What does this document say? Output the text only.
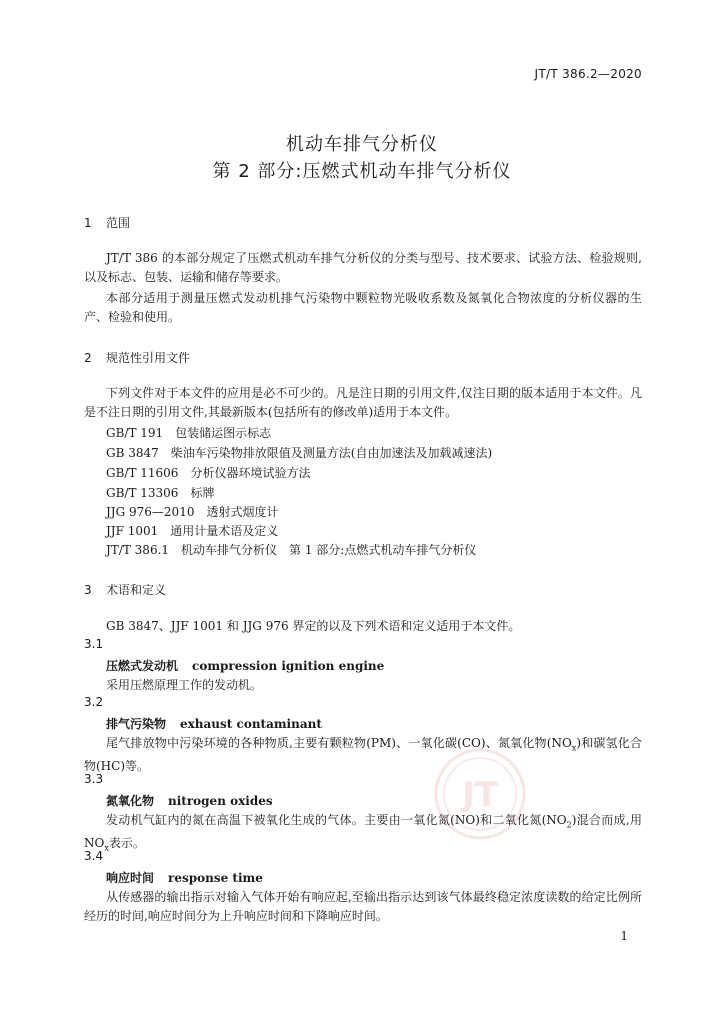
JT/T 386.2—2020
机动车排气分析仪
第 2 部分:压燃式机动车排气分析仪
1 范围
JT/T 386 的本部分规定了压燃式机动车排气分析仪的分类与型号、技术要求、试验方法、检验规则,以及标志、包装、运输和储存等要求。
本部分适用于测量压燃式发动机排气污染物中颗粒物光吸收系数及氮氧化合物浓度的分析仪器的生产、检验和使用。
2 规范性引用文件
下列文件对于本文件的应用是必不可少的。凡是注日期的引用文件,仅注日期的版本适用于本文件。凡是不注日期的引用文件,其最新版本(包括所有的修改单)适用于本文件。
GB/T 191　包装储运图示标志
GB 3847　柴油车污染物排放限值及测量方法(自由加速法及加载减速法)
GB/T 11606　分析仪器环境试验方法
GB/T 13306　标牌
JJG 976—2010　透射式烟度计
JJF 1001　通用计量术语及定义
JT/T 386.1　机动车排气分析仪　第 1 部分:点燃式机动车排气分析仪
3 术语和定义
GB 3847、JJF 1001 和 JJG 976 界定的以及下列术语和定义适用于本文件。
3.1
压燃式发动机 compression ignition engine
采用压燃原理工作的发动机。
3.2
排气污染物 exhaust contaminant
尾气排放物中污染环境的各种物质,主要有颗粒物(PM)、一氧化碳(CO)、氮氧化物$(NO_x)$和碳氢化合物(HC)等。
3.3
氮氧化物 nitrogen oxides
发动机气缸内的氮在高温下被氧化生成的气体。主要由一氧化氮(NO)和二氧化氮$(NO_2)$混合而成,用 $NO_x$表示。
3.4
响应时间 response time
从传感器的输出指示对输入气体开始有响应起,至输出指示达到该气体最终稳定浓度读数的给定比例所经历的时间,响应时间分为上升响应时间和下降响应时间。
JT
1
